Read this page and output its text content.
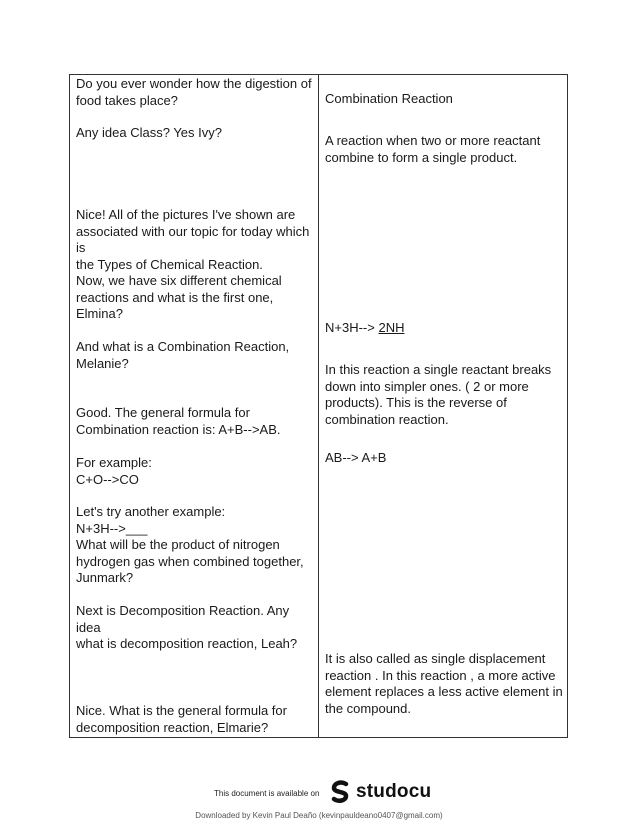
Do you ever wonder how the digestion of
food takes place?
Any idea Class? Yes Ivy?
Nice! All of the pictures I've shown are
associated with our topic for today which is
the Types of Chemical Reaction.
Now, we have six different chemical
reactions and what is the first one,
Elmina?
And what is a Combination Reaction,
Melanie?
Good. The general formula for
Combination reaction is: A+B-->AB.
For example:
C+O-->CO
Let's try another example:
N+3H-->___
What will be the product of nitrogen
hydrogen gas when combined together,
Junmark?
Next is Decomposition Reaction. Any idea
what is decomposition reaction, Leah?
Nice. What is the general formula for
decomposition reaction, Elmarie?
Combination Reaction
A reaction when two or more reactant
combine to form a single product.
N+3H--> 2NH
In this reaction a single reactant breaks
down into simpler ones. ( 2 or more
products). This is the reverse of
combination reaction.
AB--> A+B
It is also called as single displacement
reaction . In this reaction , a more active
element replaces a less active element in
the compound.
This document is available on studocu
Downloaded by Kevin Paul Deaño (kevinpauldeano0407@gmail.com)
